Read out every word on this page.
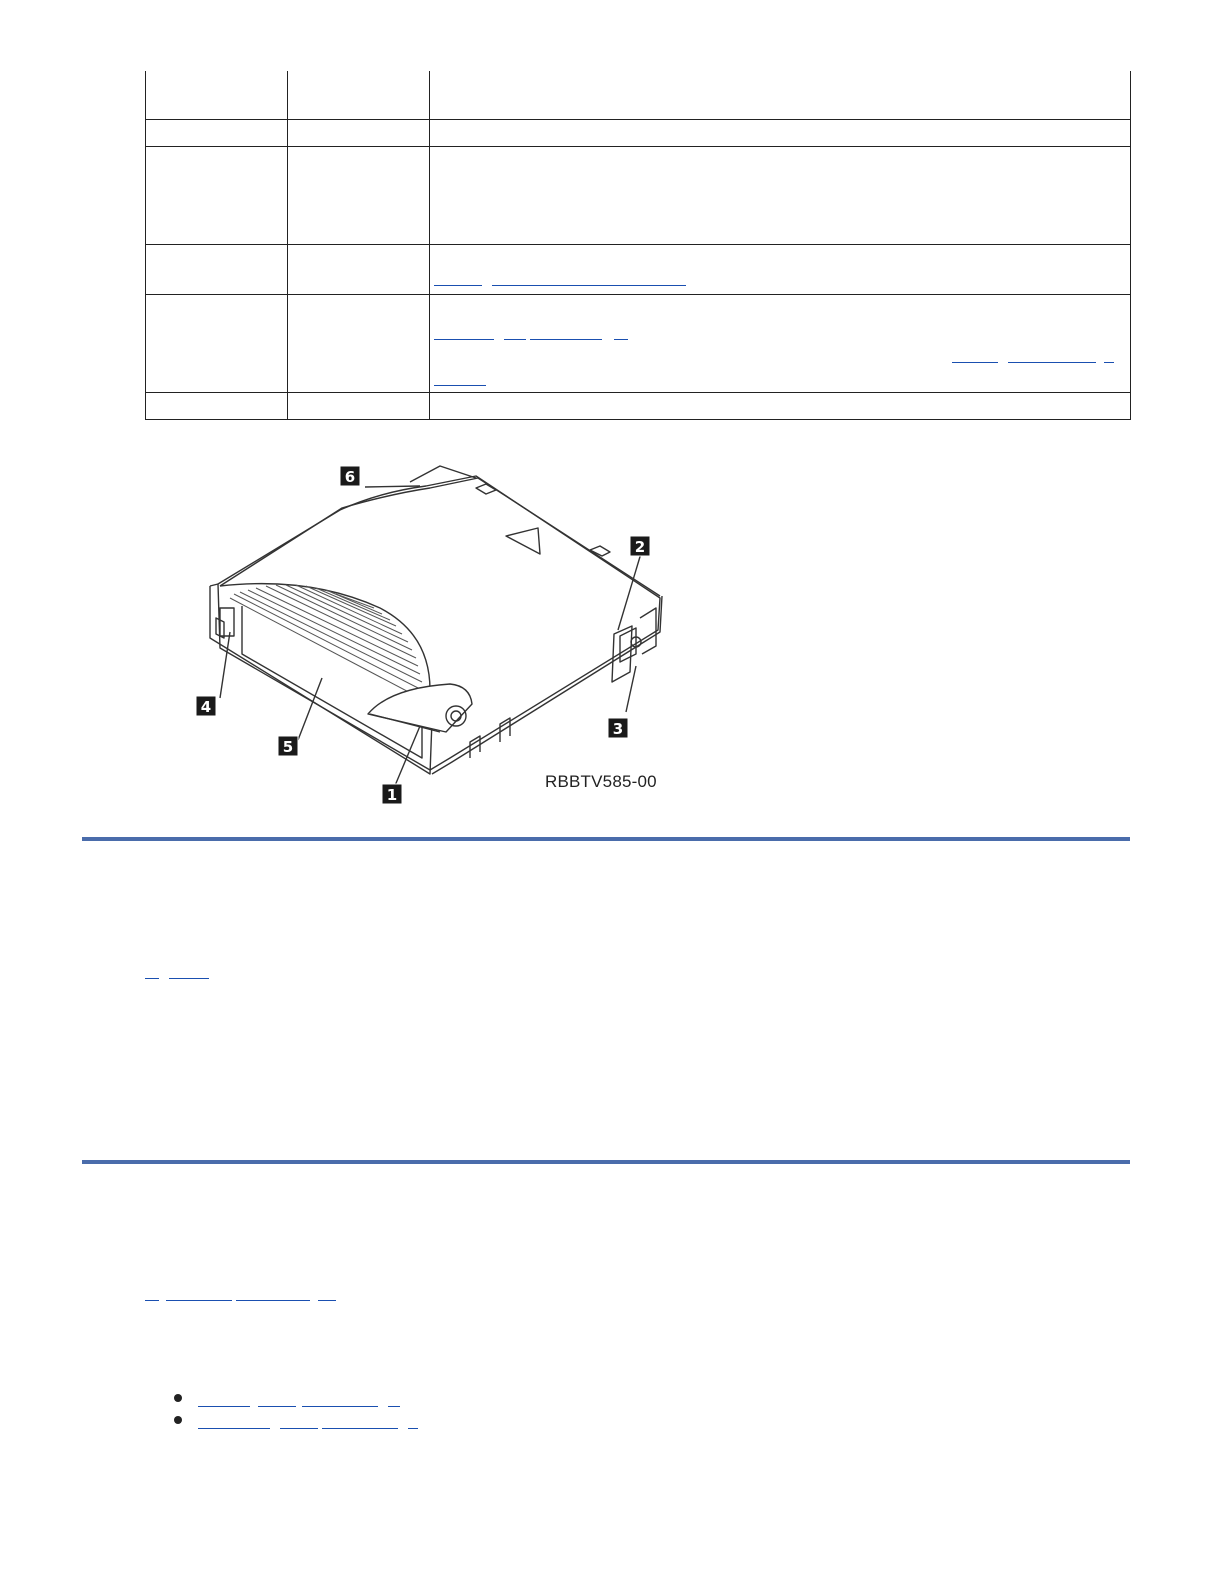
6
2
3
4
5
1
RBBTV585-00
